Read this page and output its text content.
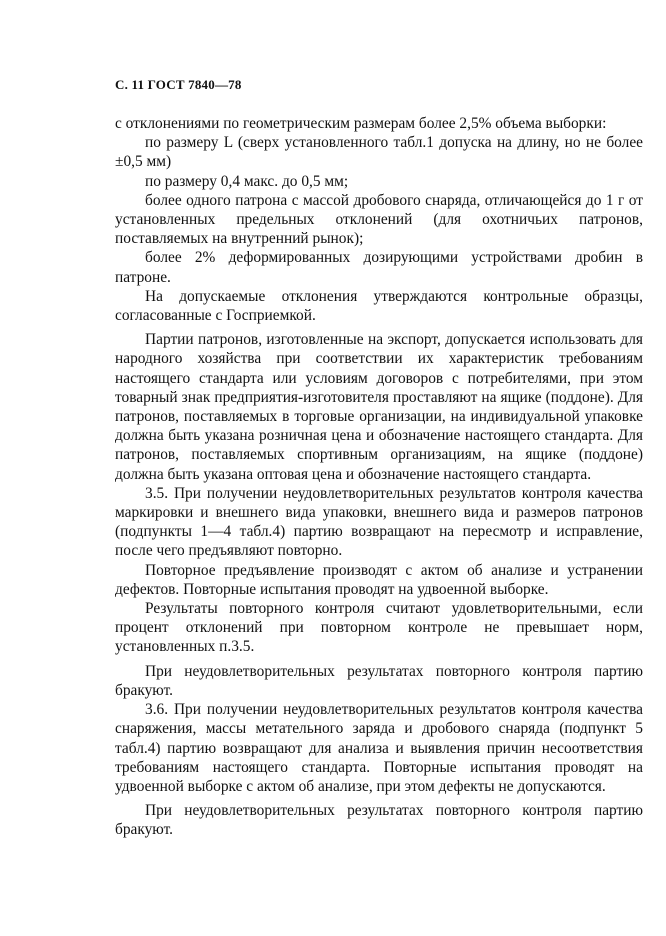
С. 11 ГОСТ 7840—78

с отклонениями по геометрическим размерам более 2,5% объема выборки:

по размеру L (сверх установленного табл.1 допуска на длину, но не более ±0,5 мм)

по размеру 0,4 макс. до 0,5 мм;

более одного патрона с массой дробового снаряда, отличающейся до 1 г от установленных предельных отклонений (для охотничьих патронов, поставляемых на внутренний рынок);

более 2% деформированных дозирующими устройствами дробин в патроне.

На допускаемые отклонения утверждаются контрольные образцы, согласованные с Госприемкой.

Партии патронов, изготовленные на экспорт, допускается использовать для народного хозяйства при соответствии их характеристик требованиям настоящего стандарта или условиям договоров с потребителями, при этом товарный знак предприятия-изготовителя проставляют на ящике (поддоне). Для патронов, поставляемых в торговые организации, на индивидуальной упаковке должна быть указана розничная цена и обозначение настоящего стандарта. Для патронов, поставляемых спортивным организациям, на ящике (поддоне) должна быть указана оптовая цена и обозначение настоящего стандарта.

3.5. При получении неудовлетворительных результатов контроля качества маркировки и внешнего вида упаковки, внешнего вида и размеров патронов (подпункты 1—4 табл.4) партию возвращают на пересмотр и исправление, после чего предъявляют повторно.

Повторное предъявление производят с актом об анализе и устранении дефектов. Повторные испытания проводят на удвоенной выборке.

Результаты повторного контроля считают удовлетворительными, если процент отклонений при повторном контроле не превышает норм, установленных п.3.5.

При неудовлетворительных результатах повторного контроля партию бракуют.

3.6. При получении неудовлетворительных результатов контроля качества снаряжения, массы метательного заряда и дробового снаряда (подпункт 5 табл.4) партию возвращают для анализа и выявления причин несоответствия требованиям настоящего стандарта. Повторные испытания проводят на удвоенной выборке с актом об анализе, при этом дефекты не допускаются.

При неудовлетворительных результатах повторного контроля партию бракуют.
